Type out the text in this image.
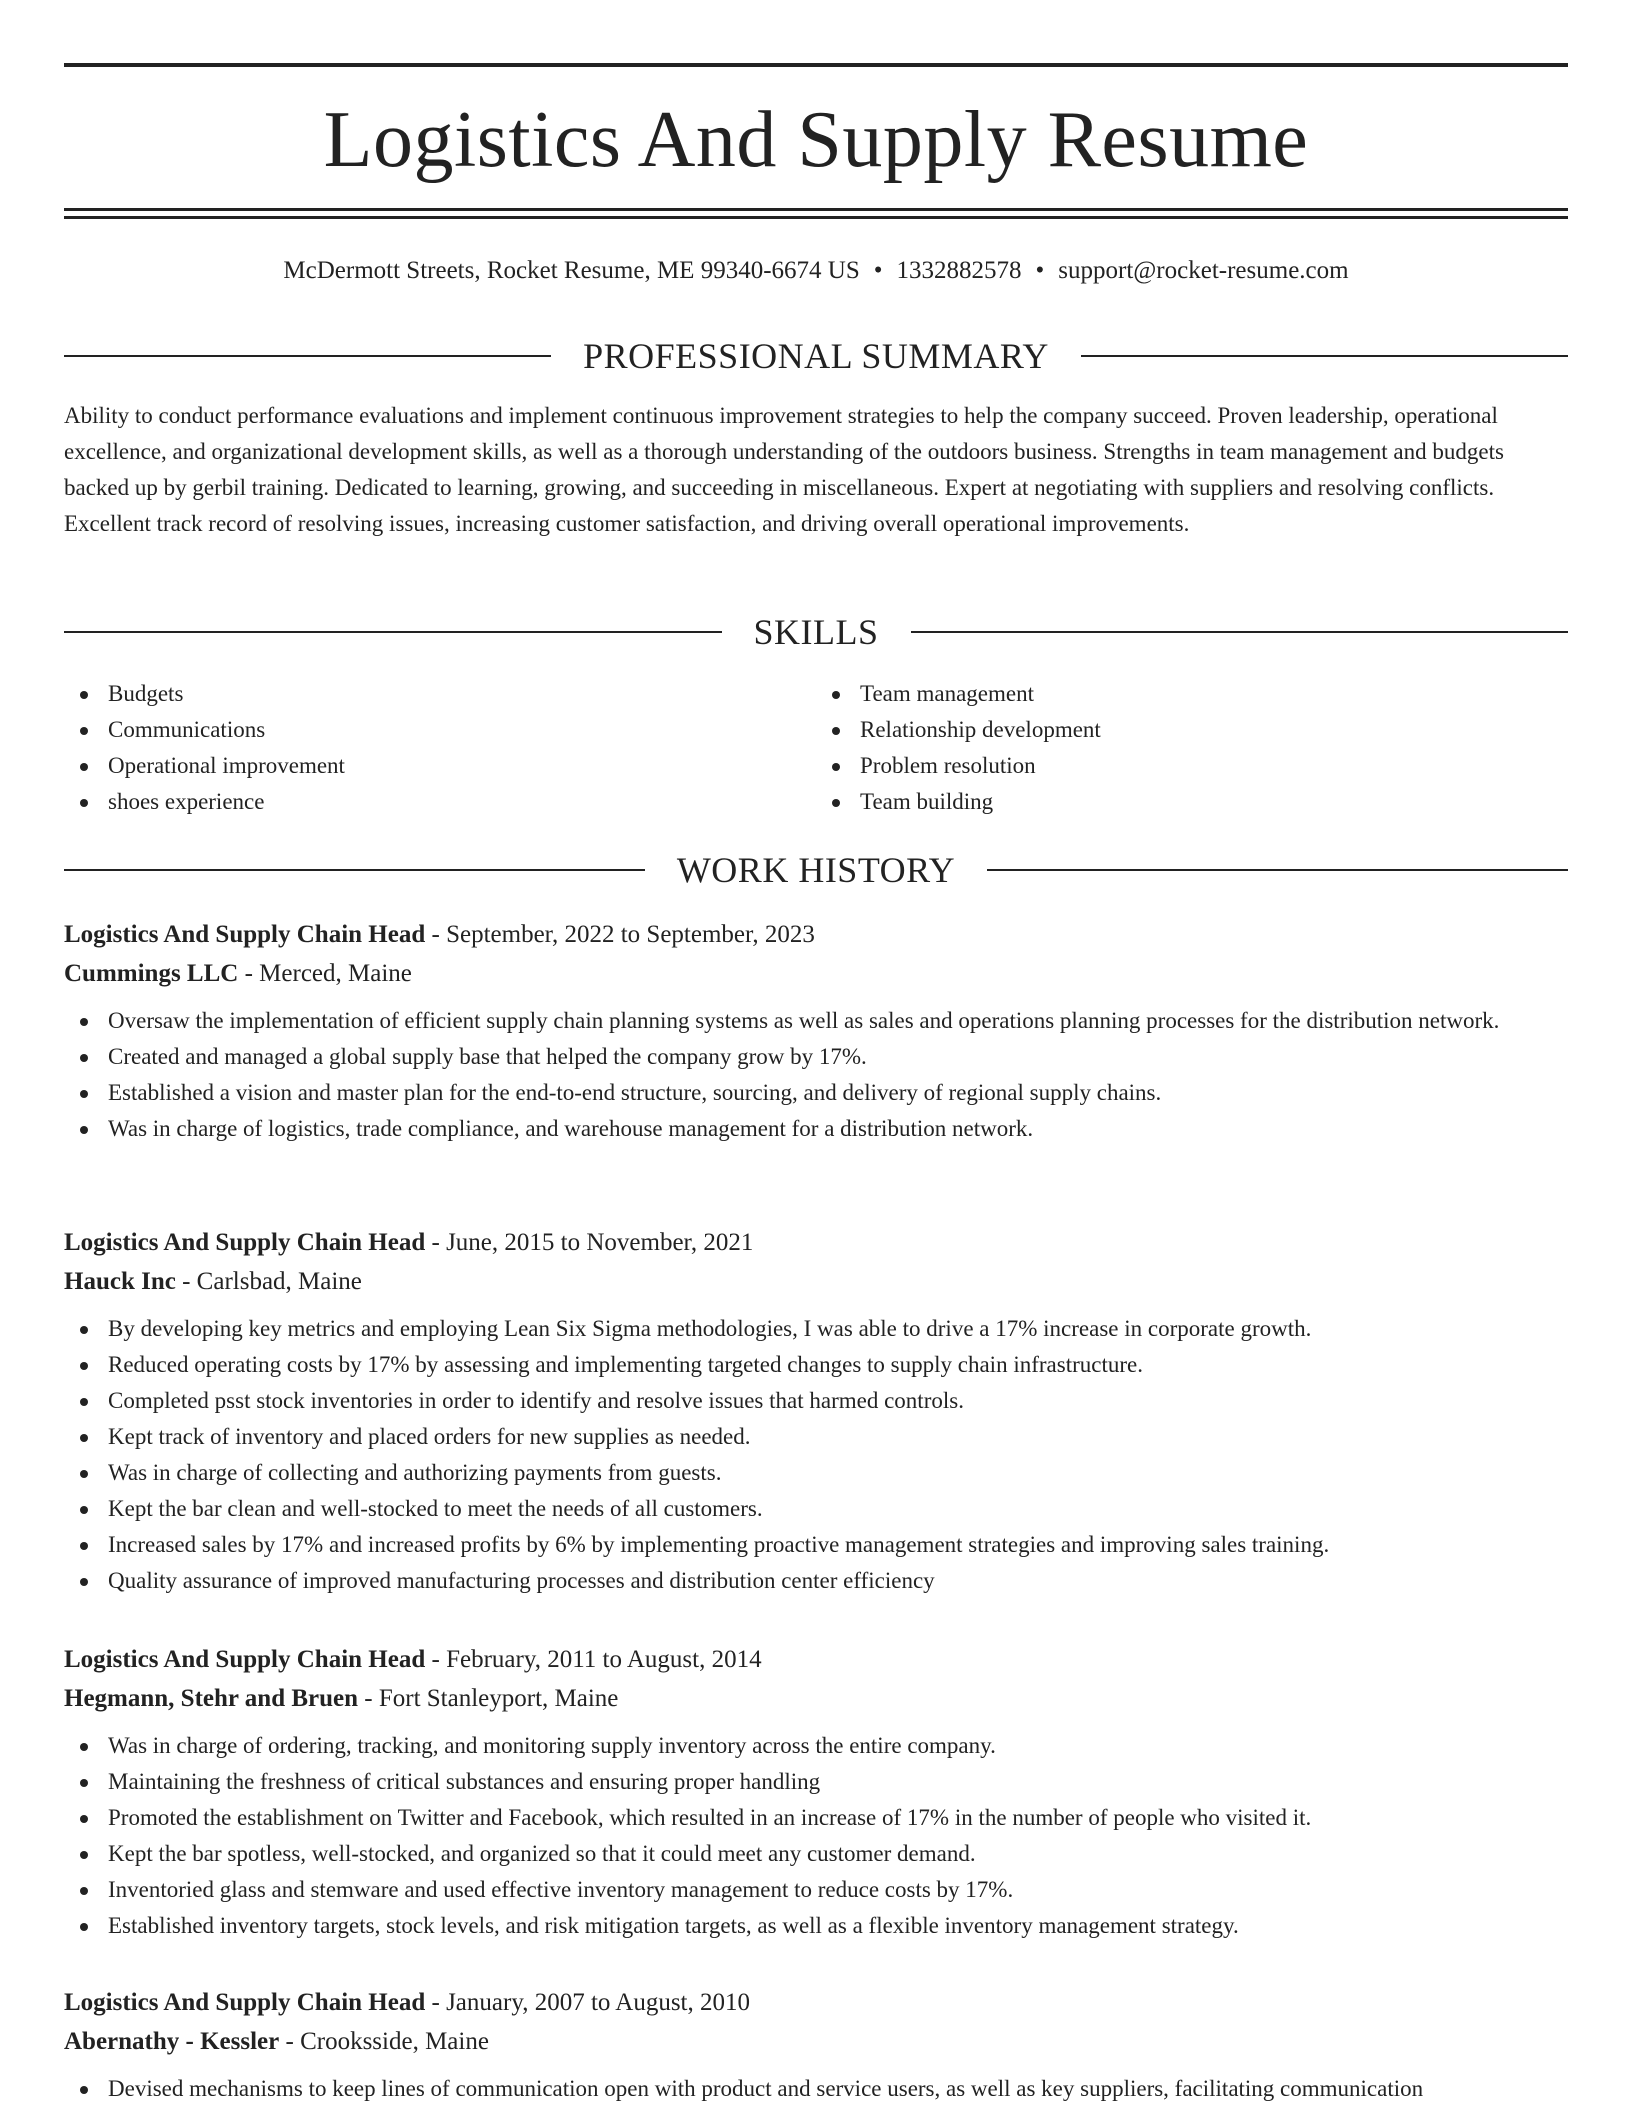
Logistics And Supply Resume
McDermott Streets, Rocket Resume, ME 99340-6674 US • 1332882578 • support@rocket-resume.com
PROFESSIONAL SUMMARY

Ability to conduct performance evaluations and implement continuous improvement strategies to help the company succeed. Proven leadership, operational excellence, and organizational development skills, as well as a thorough understanding of the outdoors business. Strengths in team management and budgets backed up by gerbil training. Dedicated to learning, growing, and succeeding in miscellaneous. Expert at negotiating with suppliers and resolving conflicts. Excellent track record of resolving issues, increasing customer satisfaction, and driving overall operational improvements.

SKILLS
Budgets
Communications
Operational improvement
shoes experience
Team management
Relationship development
Problem resolution
Team building
WORK HISTORY
Logistics And Supply Chain Head - September, 2022 to September, 2023
Cummings LLC - Merced, Maine
Oversaw the implementation of efficient supply chain planning systems as well as sales and operations planning processes for the distribution network.
Created and managed a global supply base that helped the company grow by 17%.
Established a vision and master plan for the end-to-end structure, sourcing, and delivery of regional supply chains.
Was in charge of logistics, trade compliance, and warehouse management for a distribution network.
Logistics And Supply Chain Head - June, 2015 to November, 2021
Hauck Inc - Carlsbad, Maine
By developing key metrics and employing Lean Six Sigma methodologies, I was able to drive a 17% increase in corporate growth.
Reduced operating costs by 17% by assessing and implementing targeted changes to supply chain infrastructure.
Completed psst stock inventories in order to identify and resolve issues that harmed controls.
Kept track of inventory and placed orders for new supplies as needed.
Was in charge of collecting and authorizing payments from guests.
Kept the bar clean and well-stocked to meet the needs of all customers.
Increased sales by 17% and increased profits by 6% by implementing proactive management strategies and improving sales training.
Quality assurance of improved manufacturing processes and distribution center efficiency
Logistics And Supply Chain Head - February, 2011 to August, 2014
Hegmann, Stehr and Bruen - Fort Stanleyport, Maine
Was in charge of ordering, tracking, and monitoring supply inventory across the entire company.
Maintaining the freshness of critical substances and ensuring proper handling
Promoted the establishment on Twitter and Facebook, which resulted in an increase of 17% in the number of people who visited it.
Kept the bar spotless, well-stocked, and organized so that it could meet any customer demand.
Inventoried glass and stemware and used effective inventory management to reduce costs by 17%.
Established inventory targets, stock levels, and risk mitigation targets, as well as a flexible inventory management strategy.
Logistics And Supply Chain Head - January, 2007 to August, 2010
Abernathy - Kessler - Crooksside, Maine
Devised mechanisms to keep lines of communication open with product and service users, as well as key suppliers, facilitating communication
